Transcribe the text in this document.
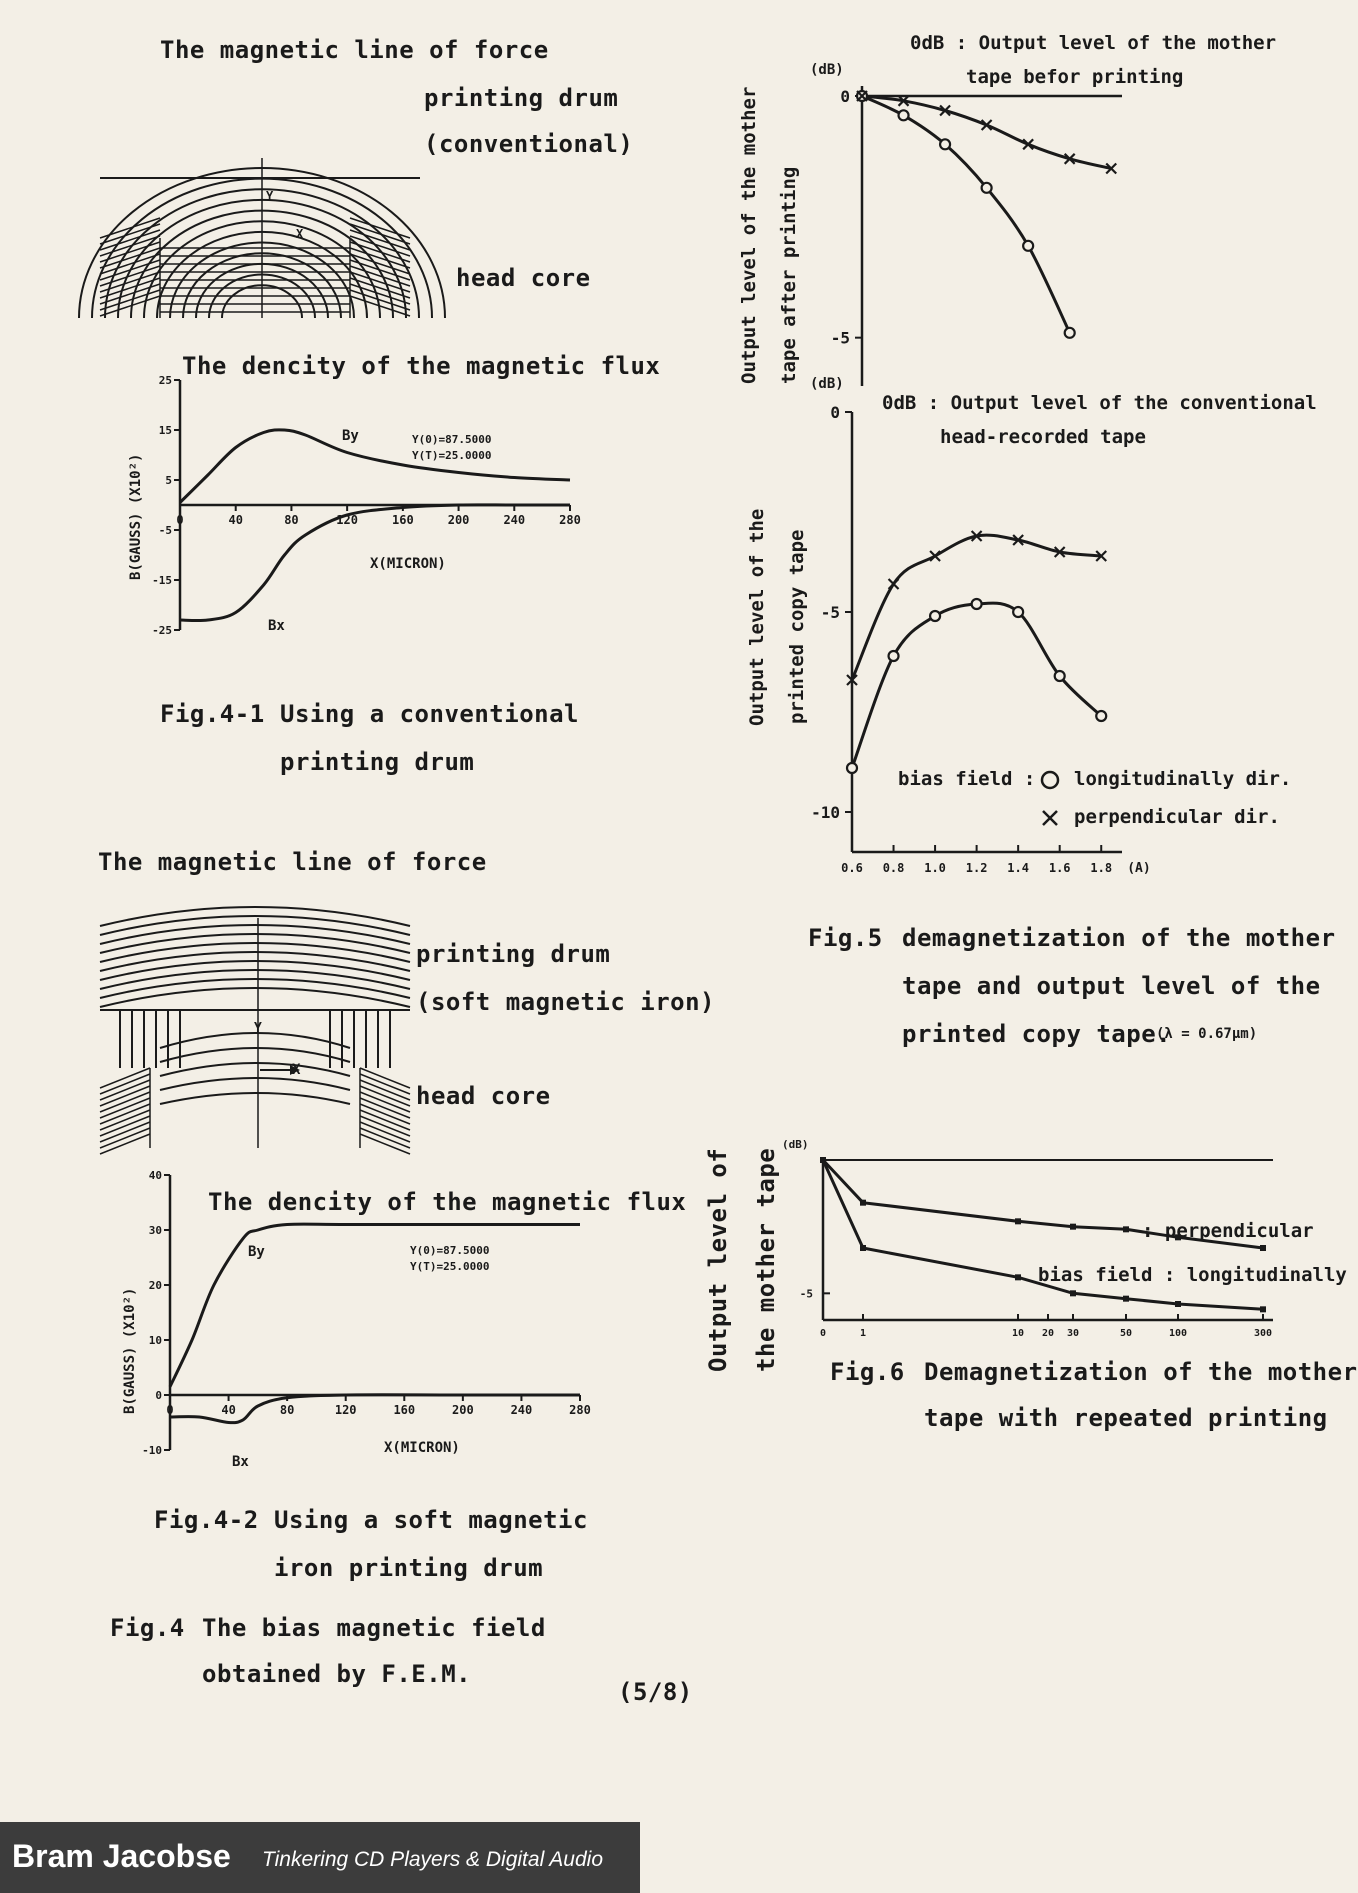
The magnetic line of force
printing drum
(conventional)
head core
Y
X
The dencity of the magnetic flux
25
15
5
-5
-15
-25
0	40	80	120	160	200	240	280
B(GAUSS) (X10²)	X(MICRON)
Y(0)=87.5000
Y(T)=25.0000
By
Bx
Fig.4-1 Using a conventional
printing drum
The magnetic line of force
printing drum
(soft magnetic iron)
head core
Y
X
The dencity of the magnetic flux
40
30
20
10
0
-10
0	40	80	120	160	200	240	280
B(GAUSS) (X10²)
X(MICRON)
Y(0)=87.5000
Y(T)=25.0000
By
Bx
Fig.4-2 Using a soft magnetic
iron printing drum
Fig.4 The bias magnetic field
obtained by F.E.M.
(5/8)
(dB)
0dB : Output level of the mother
tape befor printing
Output level of the mother tape after printing
0
-5
(dB)
0dB : Output level of the conventional
head-recorded tape
Output level of the printed copy tape
0
-5
-10
0.6 0.8 1.0 1.2 1.4 1.6 1.8 (A)
bias field : longitudinally dir.
perpendicular dir.
Fig.5 demagnetization of the mother
tape and output level of the
printed copy tape.
(λ = 0.67μm)
(dB)
Output level of the mother tape -5
0	1	10 20 30	50	100	300
: perpendicular
bias field : longitudinally
Fig.6 Demagnetization of the mother
tape with repeated printing
Bram Jacobse Tinkering CD Players & Digital Audio
